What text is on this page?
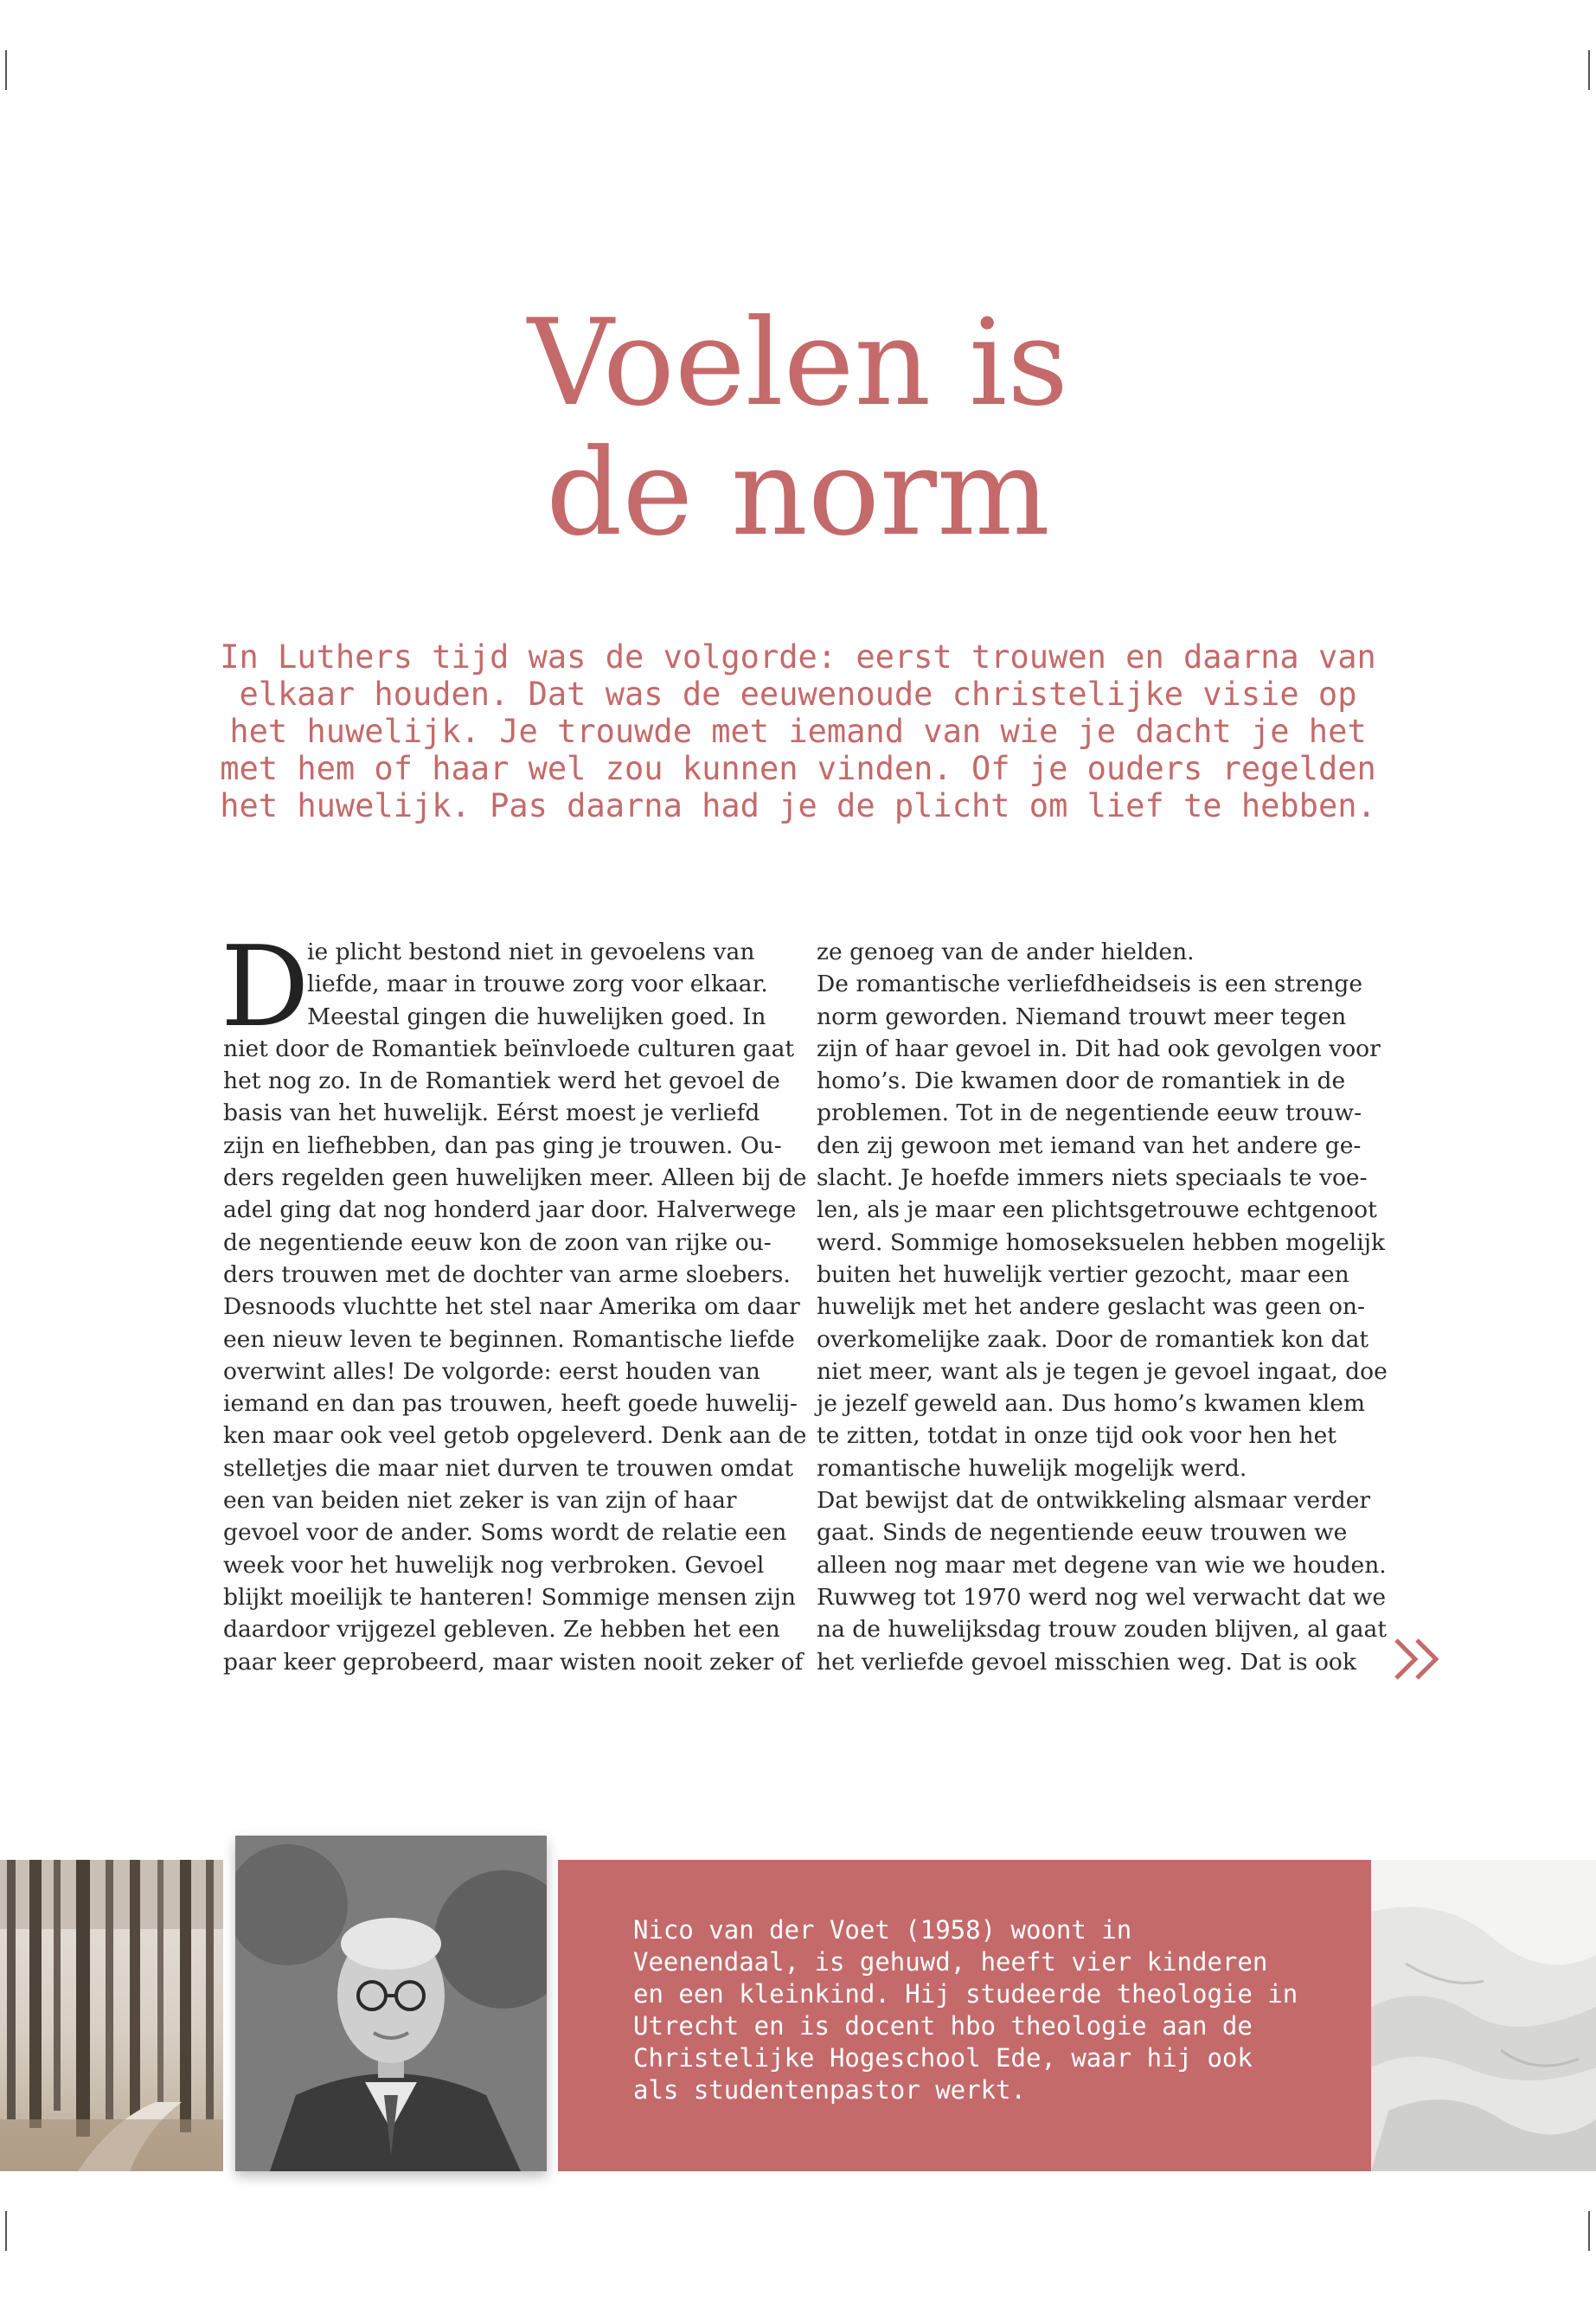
Voelen is
de norm
In Luthers tijd was de volgorde: eerst trouwen en daarna van
elkaar houden. Dat was de eeuwenoude christelijke visie op
het huwelijk. Je trouwde met iemand van wie je dacht je het
met hem of haar wel zou kunnen vinden. Of je ouders regelden
het huwelijk. Pas daarna had je de plicht om lief te hebben.
D
ie plicht bestond niet in gevoelens van
liefde, maar in trouwe zorg voor elkaar.
Meestal gingen die huwelijken goed. In
niet door de Romantiek beïnvloede culturen gaat
het nog zo. In de Romantiek werd het gevoel de
basis van het huwelijk. Eérst moest je verliefd
zijn en liefhebben, dan pas ging je trouwen. Ou-
ders regelden geen huwelijken meer. Alleen bij de
adel ging dat nog honderd jaar door. Halverwege
de negentiende eeuw kon de zoon van rijke ou-
ders trouwen met de dochter van arme sloebers.
Desnoods vluchtte het stel naar Amerika om daar
een nieuw leven te beginnen. Romantische liefde
overwint alles! De volgorde: eerst houden van
iemand en dan pas trouwen, heeft goede huwelij-
ken maar ook veel getob opgeleverd. Denk aan de
stelletjes die maar niet durven te trouwen omdat
een van beiden niet zeker is van zijn of haar
gevoel voor de ander. Soms wordt de relatie een
week voor het huwelijk nog verbroken. Gevoel
blijkt moeilijk te hanteren! Sommige mensen zijn
daardoor vrijgezel gebleven. Ze hebben het een
paar keer geprobeerd, maar wisten nooit zeker of
ze genoeg van de ander hielden.
De romantische verliefdheidseis is een strenge
norm geworden. Niemand trouwt meer tegen
zijn of haar gevoel in. Dit had ook gevolgen voor
homo’s. Die kwamen door de romantiek in de
problemen. Tot in de negentiende eeuw trouw-
den zij gewoon met iemand van het andere ge-
slacht. Je hoefde immers niets speciaals te voe-
len, als je maar een plichtsgetrouwe echtgenoot
werd. Sommige homoseksuelen hebben mogelijk
buiten het huwelijk vertier gezocht, maar een
huwelijk met het andere geslacht was geen on-
overkomelijke zaak. Door de romantiek kon dat
niet meer, want als je tegen je gevoel ingaat, doe
je jezelf geweld aan. Dus homo’s kwamen klem
te zitten, totdat in onze tijd ook voor hen het
romantische huwelijk mogelijk werd.
Dat bewijst dat de ontwikkeling alsmaar verder
gaat. Sinds de negentiende eeuw trouwen we
alleen nog maar met degene van wie we houden.
Ruwweg tot 1970 werd nog wel verwacht dat we
na de huwelijksdag trouw zouden blijven, al gaat
het verliefde gevoel misschien weg. Dat is ook
Nico van der Voet (1958) woont in
Veenendaal, is gehuwd, heeft vier kinderen
en een kleinkind. Hij studeerde theologie in
Utrecht en is docent hbo theologie aan de
Christelijke Hogeschool Ede, waar hij ook
als studentenpastor werkt.
